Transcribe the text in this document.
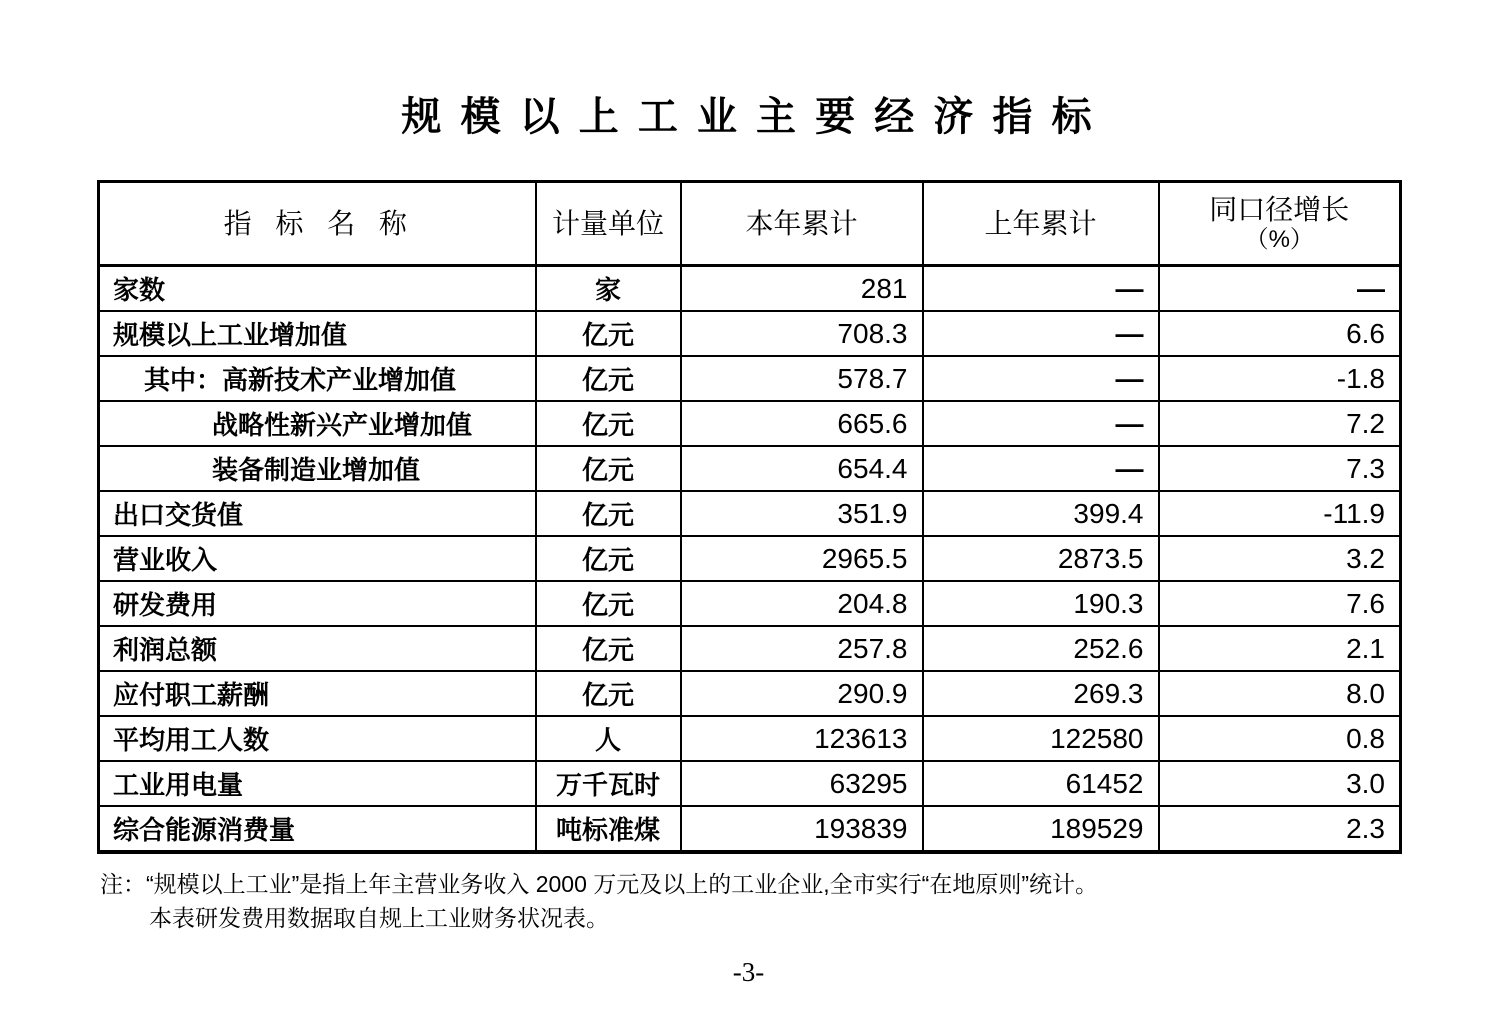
规 模 以 上 工 业 主 要 经 济 指 标
指 标 名 称	计量单位	本年累计	上年累计	同口径增长
（%）

家数	家	281	—	—
规模以上工业增加值	亿元	708.3	—	6.6
其中：高新技术产业增加值	亿元	578.7	—	-1.8
战略性新兴产业增加值	亿元	665.6	—	7.2
装备制造业增加值	亿元	654.4	—	7.3
出口交货值	亿元	351.9	399.4	-11.9
营业收入	亿元	2965.5	2873.5	3.2
研发费用	亿元	204.8	190.3	7.6
利润总额	亿元	257.8	252.6	2.1
应付职工薪酬	亿元	290.9	269.3	8.0
平均用工人数	人	123613	122580	0.8
工业用电量	万千瓦时	63295	61452	3.0
综合能源消费量	吨标准煤	193839	189529	2.3
注：“规模以上工业”是指上年主营业务收入 2000 万元及以上的工业企业,全市实行“在地原则”统计。
本表研发费用数据取自规上工业财务状况表。
-3-
